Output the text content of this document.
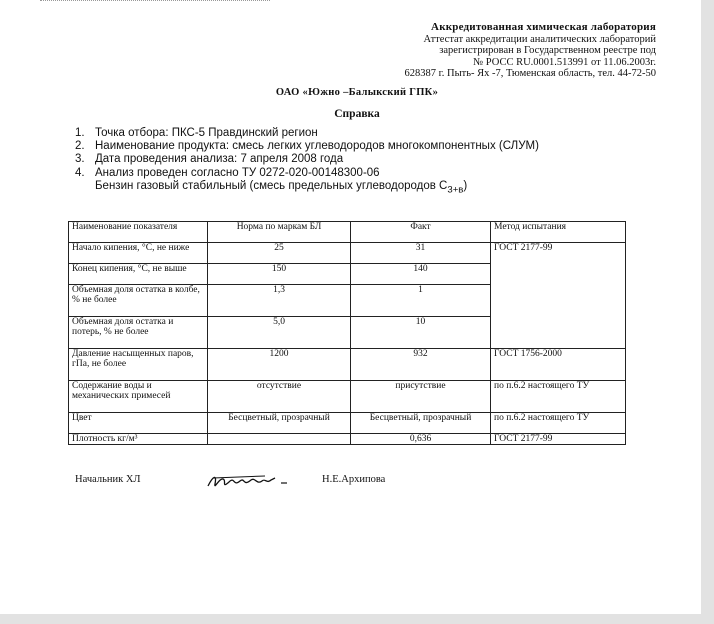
Аккредитованная химическая лаборатория
Аттестат аккредитации аналитических лабораторий
зарегистрирован в Государственном реестре под
№ РОСС RU.0001.513991 от 11.06.2003г.
628387 г. Пыть- Ях -7, Тюменская область, тел. 44-72-50
ОАО «Южно –Балыкский ГПК»
Справка
1. Точка отбора: ПКС-5 Правдинский регион
2. Наименование продукта: смесь легких углеводородов многокомпонентных (СЛУМ)
3. Дата проведения анализа: 7 апреля 2008 года
4. Анализ проведен согласно ТУ 0272-020-00148300-06
Бензин газовый стабильный (смесь предельных углеводородов $С_{3+в}$)
Наименование показателя	Норма по маркам БЛ	Факт	Метод испытания
Начало кипения, °С, не ниже	25	31	ГОСТ 2177-99
Конец кипения, °С, не выше	150	140	
Объемная доля остатка в колбе, % не более	1,3	1	
Объемная доля остатка и потерь, % не более	5,0	10	
Давление насыщенных паров, гПа, не более	1200	932	ГОСТ 1756-2000
Содержание воды и механических примесей	отсутствие	присутствие	по п.6.2 настоящего ТУ
Цвет	Бесцветный, прозрачный	Бесцветный, прозрачный	по п.6.2 настоящего ТУ
Плотность кг/м³		0,636	ГОСТ 2177-99
Начальник ХЛ	Н.Е.Архипова
